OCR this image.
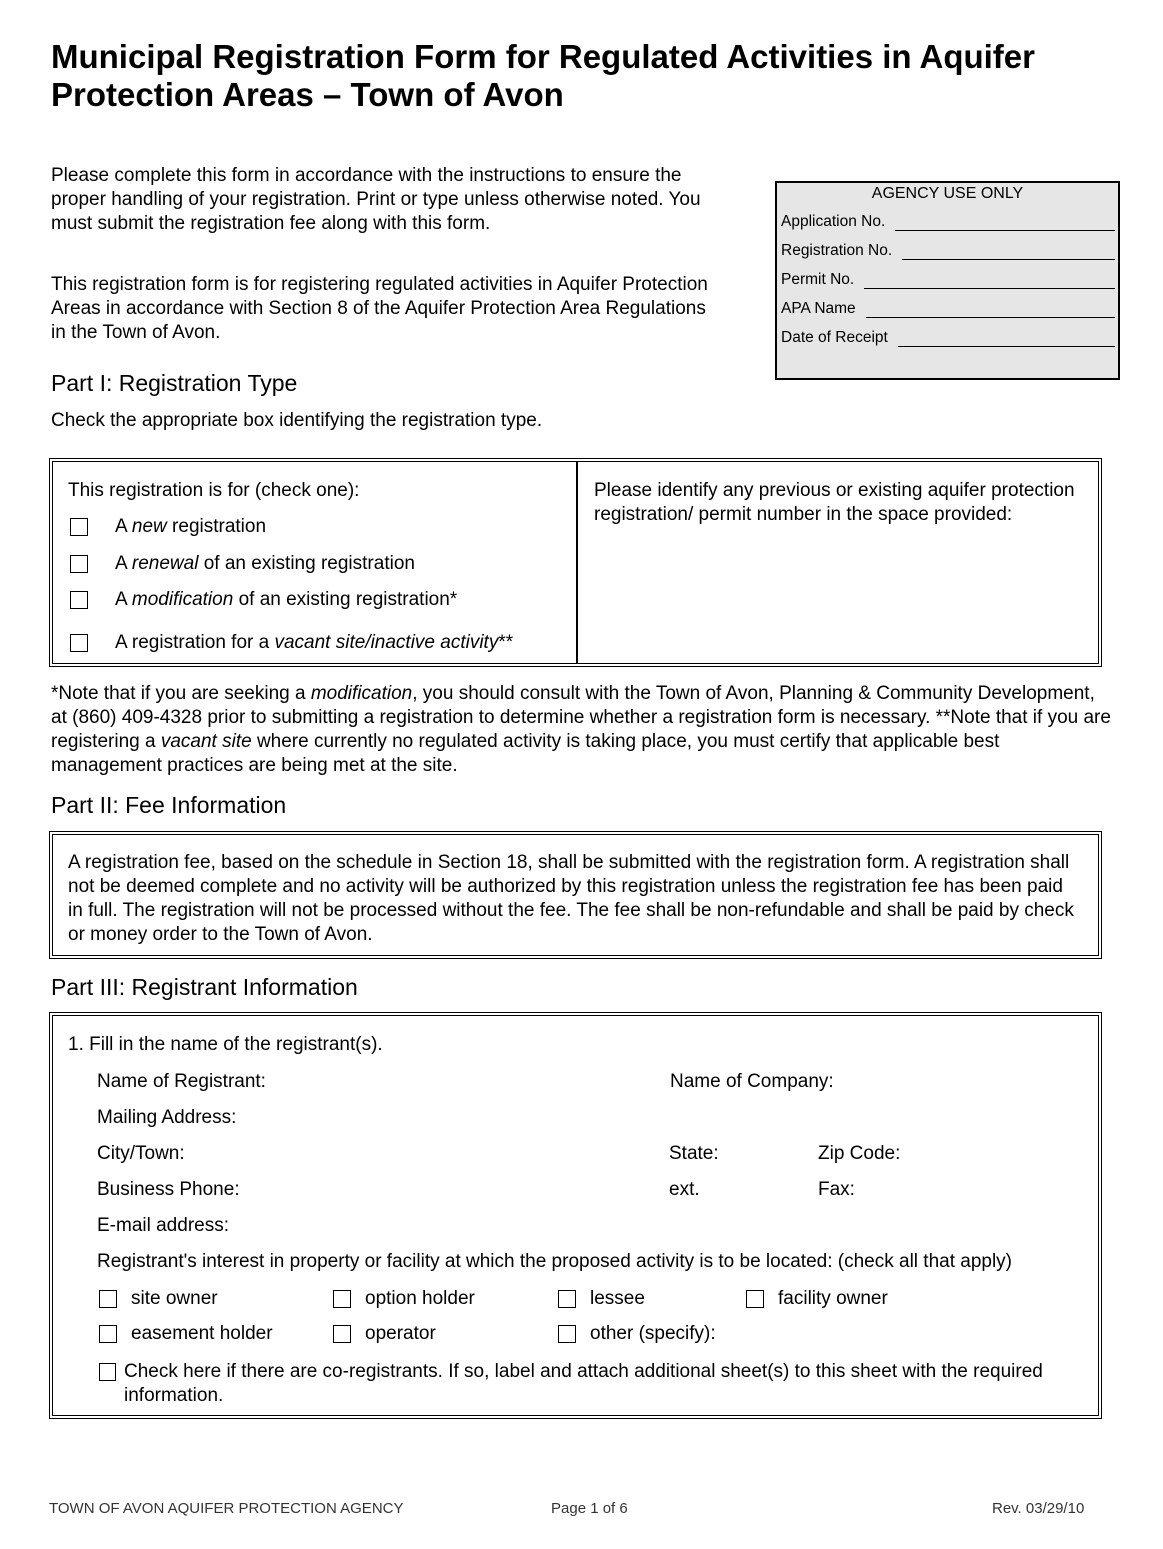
Municipal Registration Form for Regulated Activities in Aquifer Protection Areas – Town of Avon
Please complete this form in accordance with the instructions to ensure the proper handling of your registration. Print or type unless otherwise noted. You must submit the registration fee along with this form.
This registration form is for registering regulated activities in Aquifer Protection Areas in accordance with Section 8 of the Aquifer Protection Area Regulations in the Town of Avon.
AGENCY USE ONLY
Application No.
Registration No.
Permit No.
APA Name
Date of Receipt
Part I: Registration Type
Check the appropriate box identifying the registration type.
This registration is for (check one):
A new registration
A renewal of an existing registration
A modification of an existing registration*
A registration for a vacant site/inactive activity**
Please identify any previous or existing aquifer protection registration/ permit number in the space provided:
*Note that if you are seeking a modification, you should consult with the Town of Avon, Planning & Community Development, at (860) 409-4328 prior to submitting a registration to determine whether a registration form is necessary. **Note that if you are registering a vacant site where currently no regulated activity is taking place, you must certify that applicable best management practices are being met at the site.
Part II: Fee Information
A registration fee, based on the schedule in Section 18, shall be submitted with the registration form. A registration shall not be deemed complete and no activity will be authorized by this registration unless the registration fee has been paid in full. The registration will not be processed without the fee. The fee shall be non-refundable and shall be paid by check or money order to the Town of Avon.
Part III: Registrant Information
1. Fill in the name of the registrant(s).
Name of Registrant:	Name of Company:
Mailing Address:
City/Town:	State:	Zip Code:
Business Phone:	ext.	Fax:
E-mail address:
Registrant's interest in property or facility at which the proposed activity is to be located: (check all that apply)
site owner	option holder	lessee	facility owner
easement holder	operator	other (specify):
Check here if there are co-registrants. If so, label and attach additional sheet(s) to this sheet with the required information.
TOWN OF AVON AQUIFER PROTECTION AGENCY	Page 1 of 6	Rev. 03/29/10
